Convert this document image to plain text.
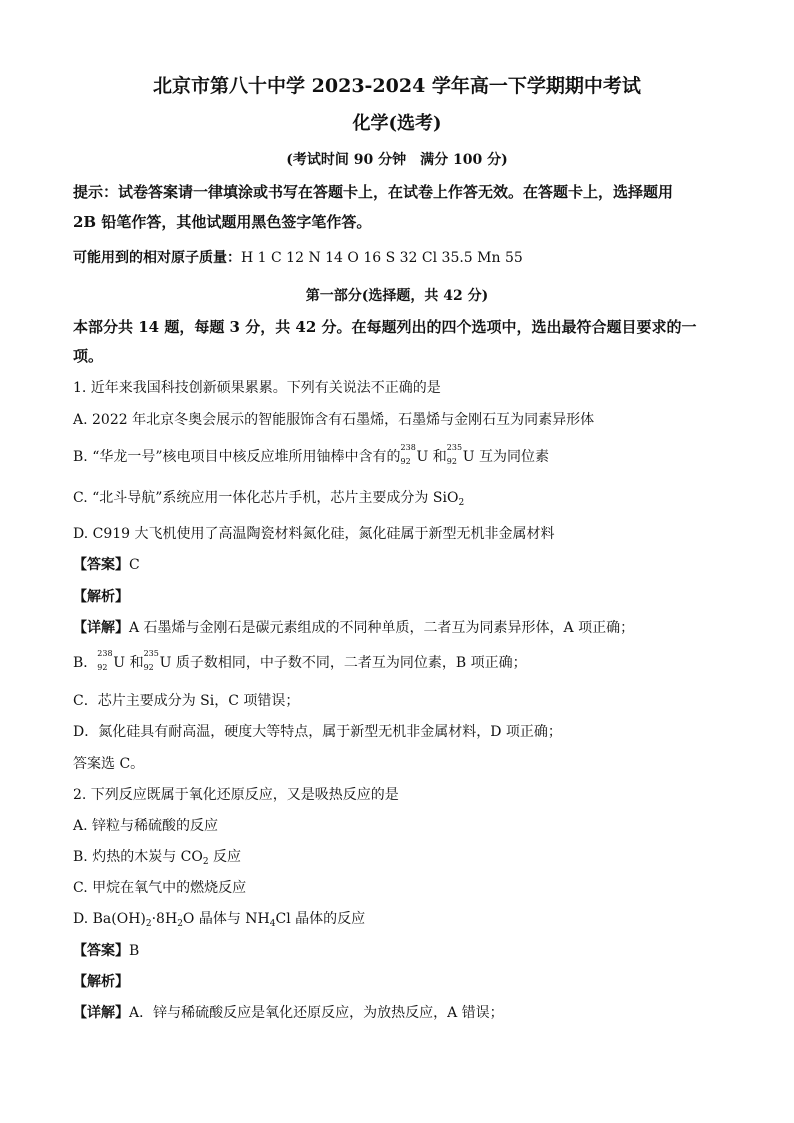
北京市第八十中学 2023-2024 学年高一下学期期中考试
化学(选考)
(考试时间 90 分钟　满分 100 分)
提示：试卷答案请一律填涂或书写在答题卡上，在试卷上作答无效。在答题卡上，选择题用
2B 铅笔作答，其他试题用黑色签字笔作答。
可能用到的相对原子质量：H 1 C 12 N 14 O 16 S 32 Cl 35.5 Mn 55
第一部分(选择题，共 42 分)
本部分共 14 题，每题 3 分，共 42 分。在每题列出的四个选项中，选出最符合题目要求的一
项。
1. 近年来我国科技创新硕果累累。下列有关说法不正确的是
A. 2022 年北京冬奥会展示的智能服饰含有石墨烯，石墨烯与金刚石互为同素异形体
B. “华龙一号”核电项目中核反应堆所用铀棒中含有的
238
92 U 和
235
92 U 互为同位素
C. “北斗导航”系统应用一体化芯片手机，芯片主要成分为 SiO$_2$
D. C919 大飞机使用了高温陶瓷材料氮化硅，氮化硅属于新型无机非金属材料
【答案】C
【解析】
【详解】A 石墨烯与金刚石是碳元素组成的不同种单质，二者互为同素异形体，A 项正确；
B．
238
92 U 和
235
92 U 质子数相同，中子数不同，二者互为同位素，B 项正确；
C．芯片主要成分为 Si，C 项错误；
D．氮化硅具有耐高温，硬度大等特点，属于新型无机非金属材料，D 项正确；
答案选 C。
2. 下列反应既属于氧化还原反应，又是吸热反应的是
A. 锌粒与稀硫酸的反应
B. 灼热的木炭与 $CO_2$ 反应
C. 甲烷在氧气中的燃烧反应
D. $Ba(OH)_2\cdot 8H_2O$ 晶体与 $NH_4Cl$ 晶体的反应
【答案】B
【解析】
【详解】A．锌与稀硫酸反应是氧化还原反应，为放热反应，A 错误；
